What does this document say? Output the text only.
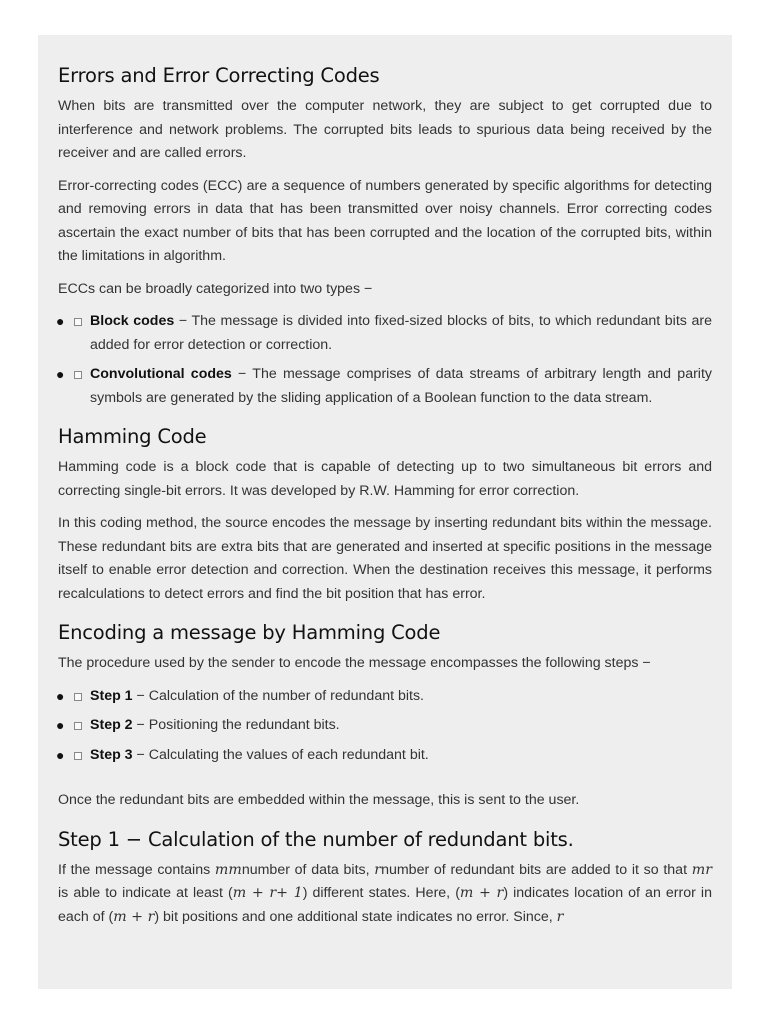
Errors and Error Correcting Codes

When bits are transmitted over the computer network, they are subject to get corrupted due to interference and network problems. The corrupted bits leads to spurious data being received by the receiver and are called errors.

Error-correcting codes (ECC) are a sequence of numbers generated by specific algorithms for detecting and removing errors in data that has been transmitted over noisy channels. Error correcting codes ascertain the exact number of bits that has been corrupted and the location of the corrupted bits, within the limitations in algorithm.

ECCs can be broadly categorized into two types −

● Block codes − The message is divided into fixed-sized blocks of bits, to which redundant bits are added for error detection or correction.
● Convolutional codes − The message comprises of data streams of arbitrary length and parity symbols are generated by the sliding application of a Boolean function to the data stream.
Hamming Code

Hamming code is a block code that is capable of detecting up to two simultaneous bit errors and correcting single-bit errors. It was developed by R.W. Hamming for error correction.

In this coding method, the source encodes the message by inserting redundant bits within the message. These redundant bits are extra bits that are generated and inserted at specific positions in the message itself to enable error detection and correction. When the destination receives this message, it performs recalculations to detect errors and find the bit position that has error.

Encoding a message by Hamming Code

The procedure used by the sender to encode the message encompasses the following steps −

● Step 1 − Calculation of the number of redundant bits.
● Step 2 − Positioning the redundant bits.
● Step 3 − Calculating the values of each redundant bit.

Once the redundant bits are embedded within the message, this is sent to the user.

Step 1 − Calculation of the number of redundant bits.

If the message contains mmnumber of data bits, rnumber of redundant bits are added to it so that mr is able to indicate at least (m + r+ 1) different states. Here, (m + r) indicates location of an error in each of (m + r) bit positions and one additional state indicates no error. Since, r
